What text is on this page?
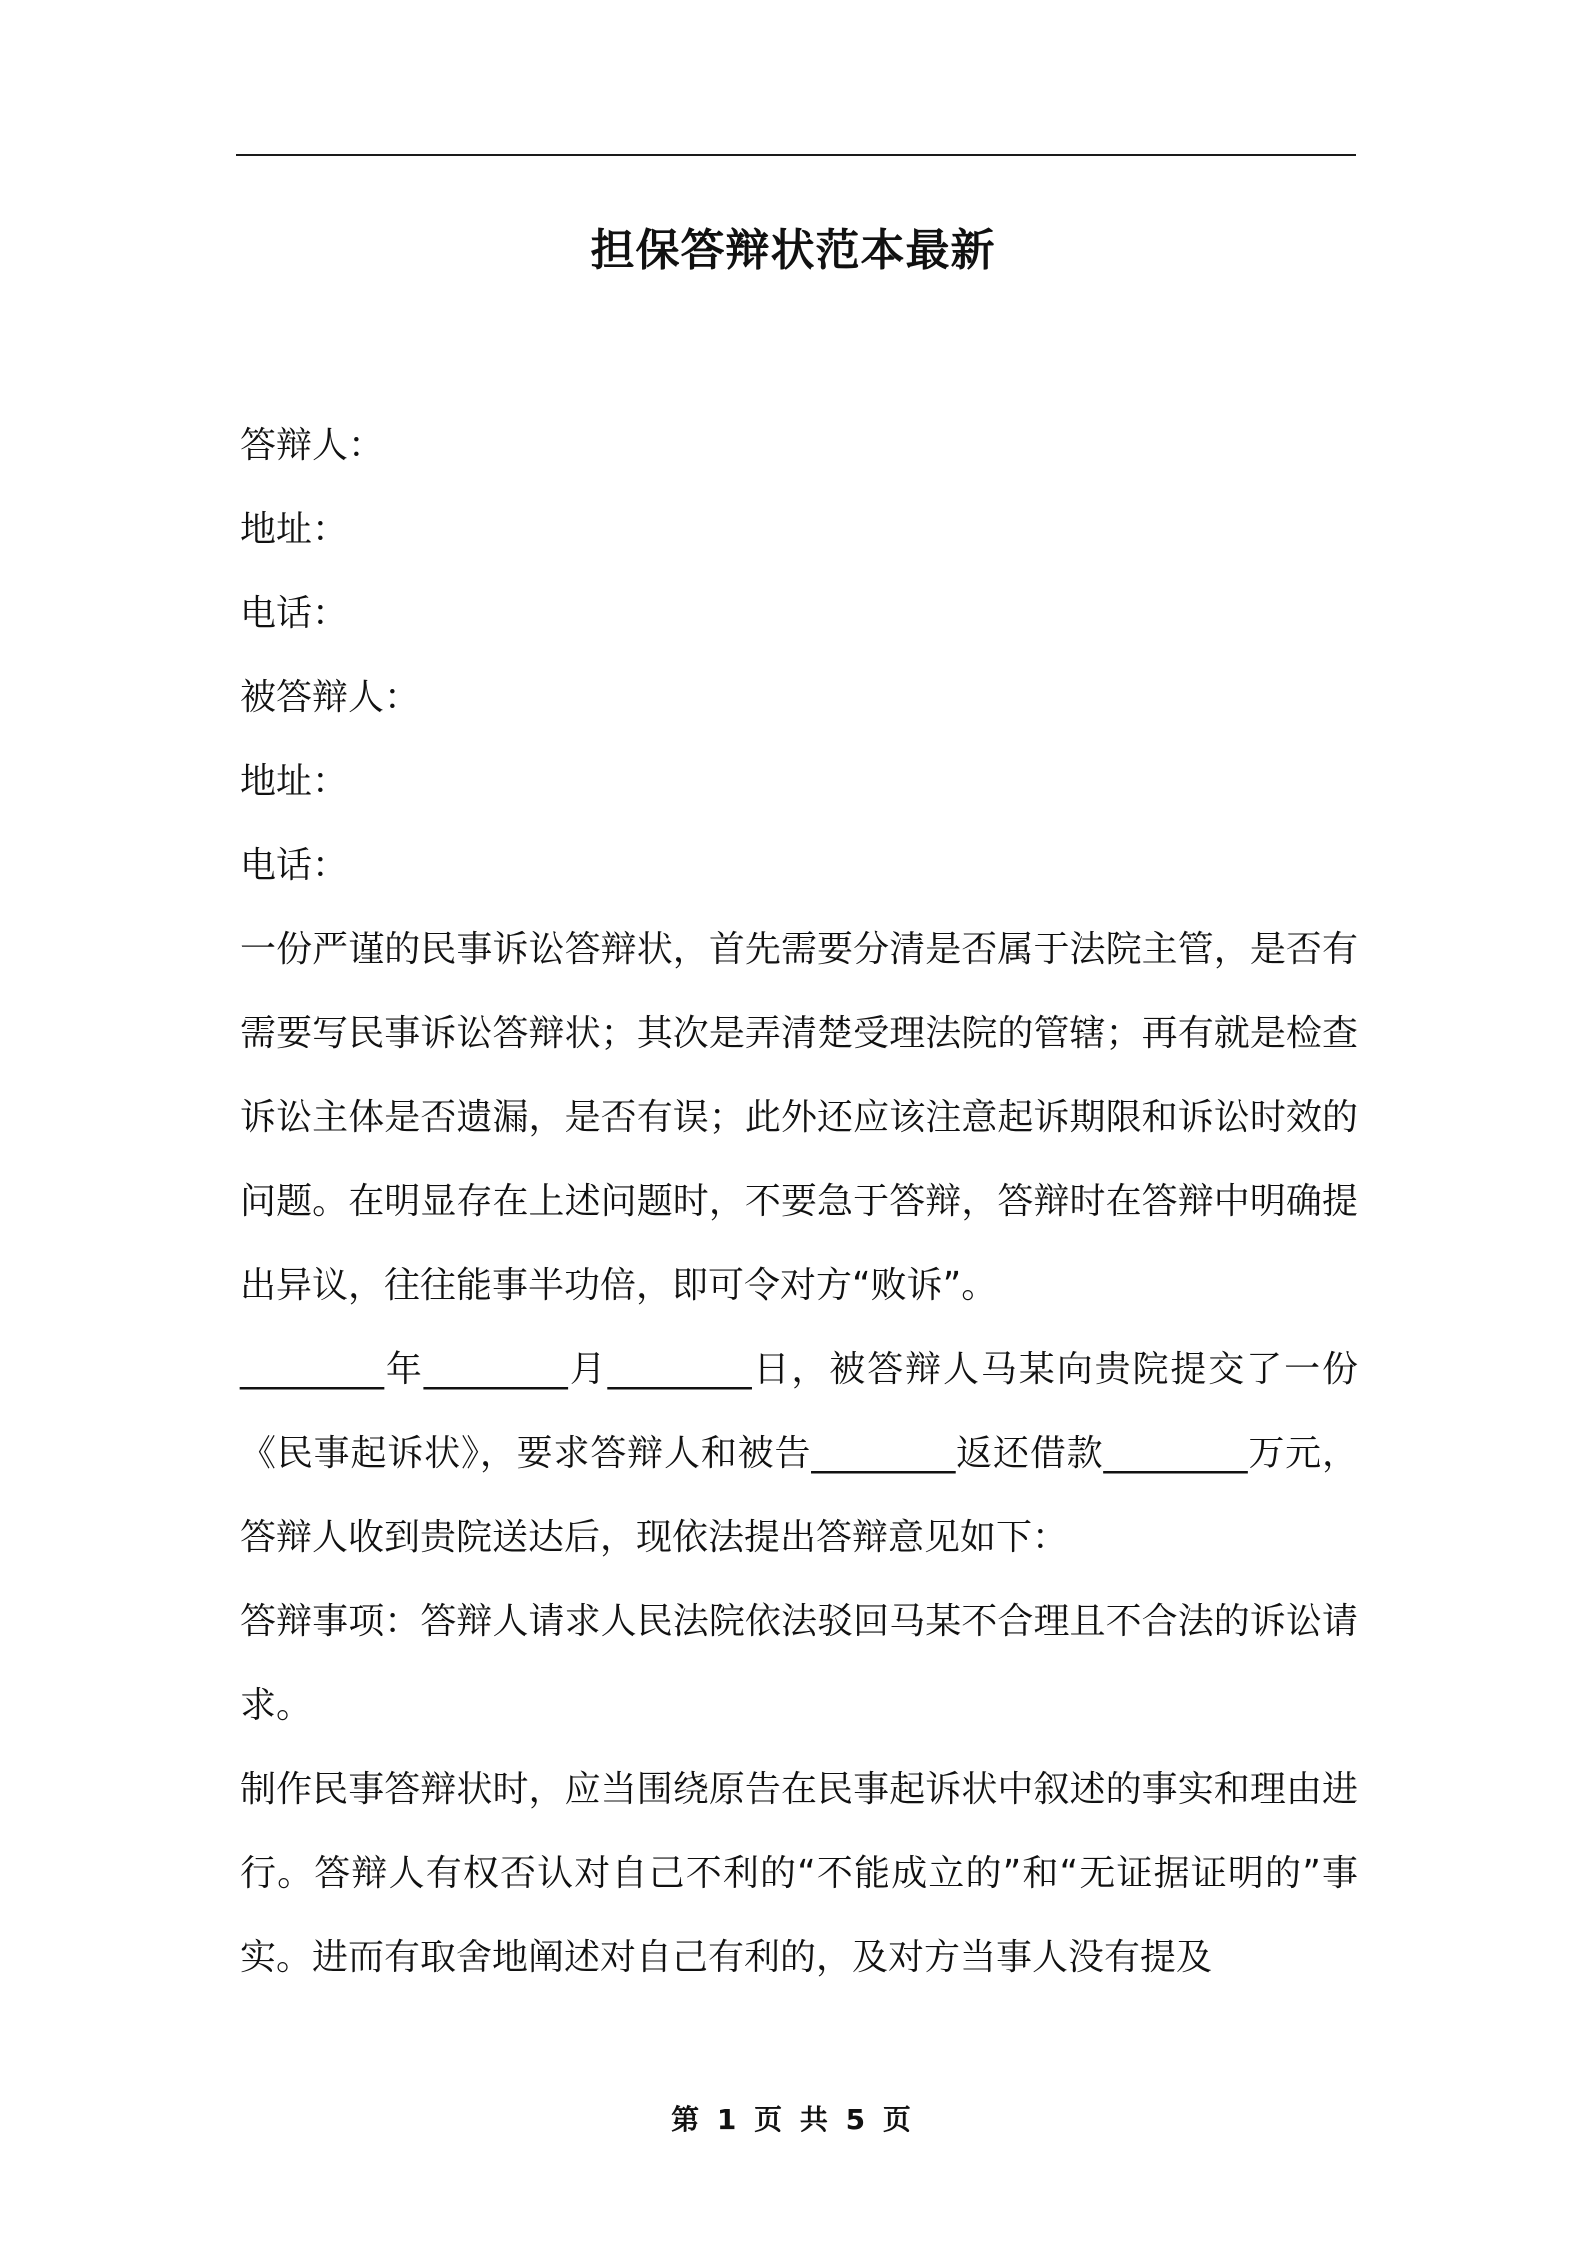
担保答辩状范本最新

答辩人：

地址：

电话：

被答辩人：

地址：

电话：

一份严谨的民事诉讼答辩状，首先需要分清是否属于法院主管，是否有需要写民事诉讼答辩状；其次是弄清楚受理法院的管辖；再有就是检查诉讼主体是否遗漏，是否有误；此外还应该注意起诉期限和诉讼时效的问题。在明显存在上述问题时，不要急于答辩，答辩时在答辩中明确提出异议，往往能事半功倍，即可令对方“败诉”。

________年________月________日，被答辩人马某向贵院提交了一份《民事起诉状》，要求答辩人和被告________返还借款________万元，答辩人收到贵院送达后，现依法提出答辩意见如下：

答辩事项：答辩人请求人民法院依法驳回马某不合理且不合法的诉讼请求。

制作民事答辩状时，应当围绕原告在民事起诉状中叙述的事实和理由进行。答辩人有权否认对自己不利的“不能成立的”和“无证据证明的”事实。进而有取舍地阐述对自己有利的，及对方当事人没有提及

第 1 页 共 5 页
